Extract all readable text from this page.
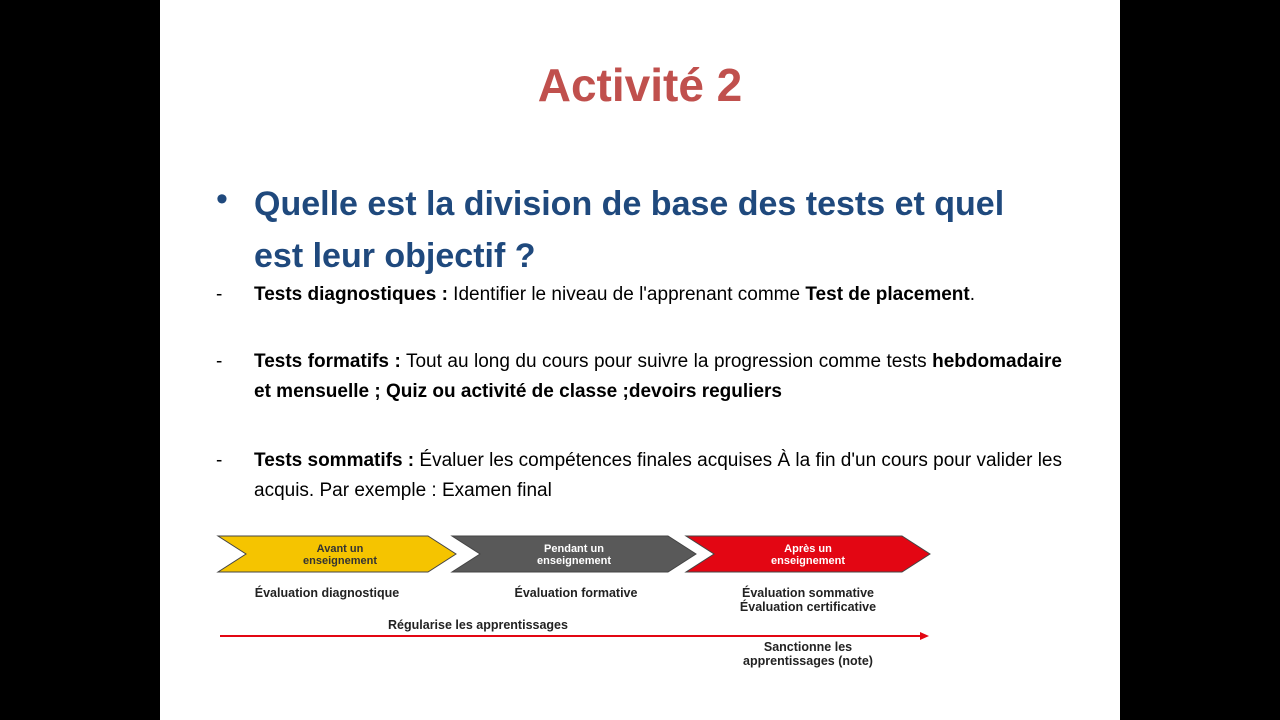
Activité 2
• Quelle est la division de base des tests et quel est leur objectif ?
- Tests diagnostiques : Identifier le niveau de l'apprenant comme Test de placement.
- Tests formatifs : Tout au long du cours pour suivre la progression comme tests hebdomadaire et mensuelle ; Quiz ou activité de classe ;devoirs reguliers
- Tests sommatifs : Évaluer les compétences finales acquises À la fin d'un cours pour valider les acquis. Par exemple : Examen final
Avant un
enseignement
Pendant un
enseignement
Après un
enseignement
Évaluation diagnostique	Évaluation formative	Évaluation sommative
Évaluation certificative
Régularise les apprentissages
Sanctionne les
apprentissages (note)
